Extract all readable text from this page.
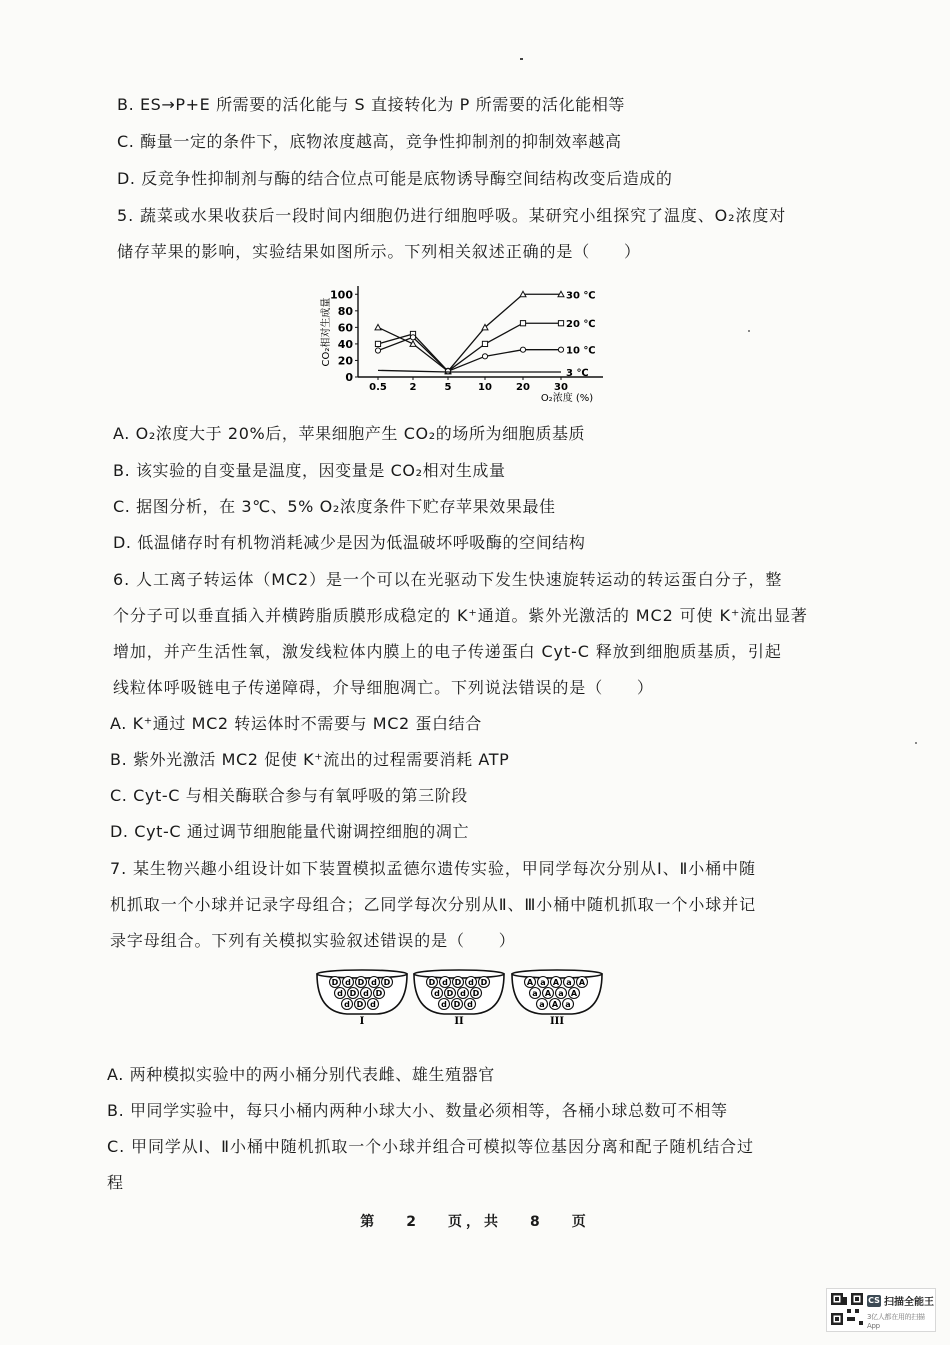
B. ES→P+E 所需要的活化能与 S 直接转化为 P 所需要的活化能相等
C. 酶量一定的条件下，底物浓度越高，竞争性抑制剂的抑制效率越高
D. 反竞争性抑制剂与酶的结合位点可能是底物诱导酶空间结构改变后造成的
5. 蔬菜或水果收获后一段时间内细胞仍进行细胞呼吸。某研究小组探究了温度、O₂浓度对
储存苹果的影响，实验结果如图所示。下列相关叙述正确的是（　　）
0
20
40
60
80
100
0.5 2	5	10 20 30
CO₂相对生成量
O₂浓度 (%)
30 ℃
20 ℃
10 ℃
3 ℃
A. O₂浓度大于 20%后，苹果细胞产生 CO₂的场所为细胞质基质
B. 该实验的自变量是温度，因变量是 CO₂相对生成量
C. 据图分析，在 3℃、5% O₂浓度条件下贮存苹果效果最佳
D. 低温储存时有机物消耗减少是因为低温破坏呼吸酶的空间结构
6. 人工离子转运体（MC2）是一个可以在光驱动下发生快速旋转运动的转运蛋白分子，整
个分子可以垂直插入并横跨脂质膜形成稳定的 K⁺通道。紫外光激活的 MC2 可使 K⁺流出显著
增加，并产生活性氧，激发线粒体内膜上的电子传递蛋白 Cyt-C 释放到细胞质基质，引起
线粒体呼吸链电子传递障碍，介导细胞凋亡。下列说法错误的是（　　）
A. K⁺通过 MC2 转运体时不需要与 MC2 蛋白结合
B. 紫外光激活 MC2 促使 K⁺流出的过程需要消耗 ATP
C. Cyt-C 与相关酶联合参与有氧呼吸的第三阶段
D. Cyt-C 通过调节细胞能量代谢调控细胞的凋亡
7. 某生物兴趣小组设计如下装置模拟孟德尔遗传实验，甲同学每次分别从Ⅰ、Ⅱ小桶中随
机抓取一个小球并记录字母组合；乙同学每次分别从Ⅱ、Ⅲ小桶中随机抓取一个小球并记
录字母组合。下列有关模拟实验叙述错误的是（　　）
D d D d D
d D d D
d D d
I
D d D d D
d D d D
d D d
II
A a A a A
a A a A
a A a
III
A. 两种模拟实验中的两小桶分别代表雌、雄生殖器官
B. 甲同学实验中，每只小桶内两种小球大小、数量必须相等，各桶小球总数可不相等
C. 甲同学从Ⅰ、Ⅱ小桶中随机抓取一个小球并组合可模拟等位基因分离和配子随机结合过
程
第 2 页，共 8 页
CS 扫描全能王
3亿人都在用的扫描App
